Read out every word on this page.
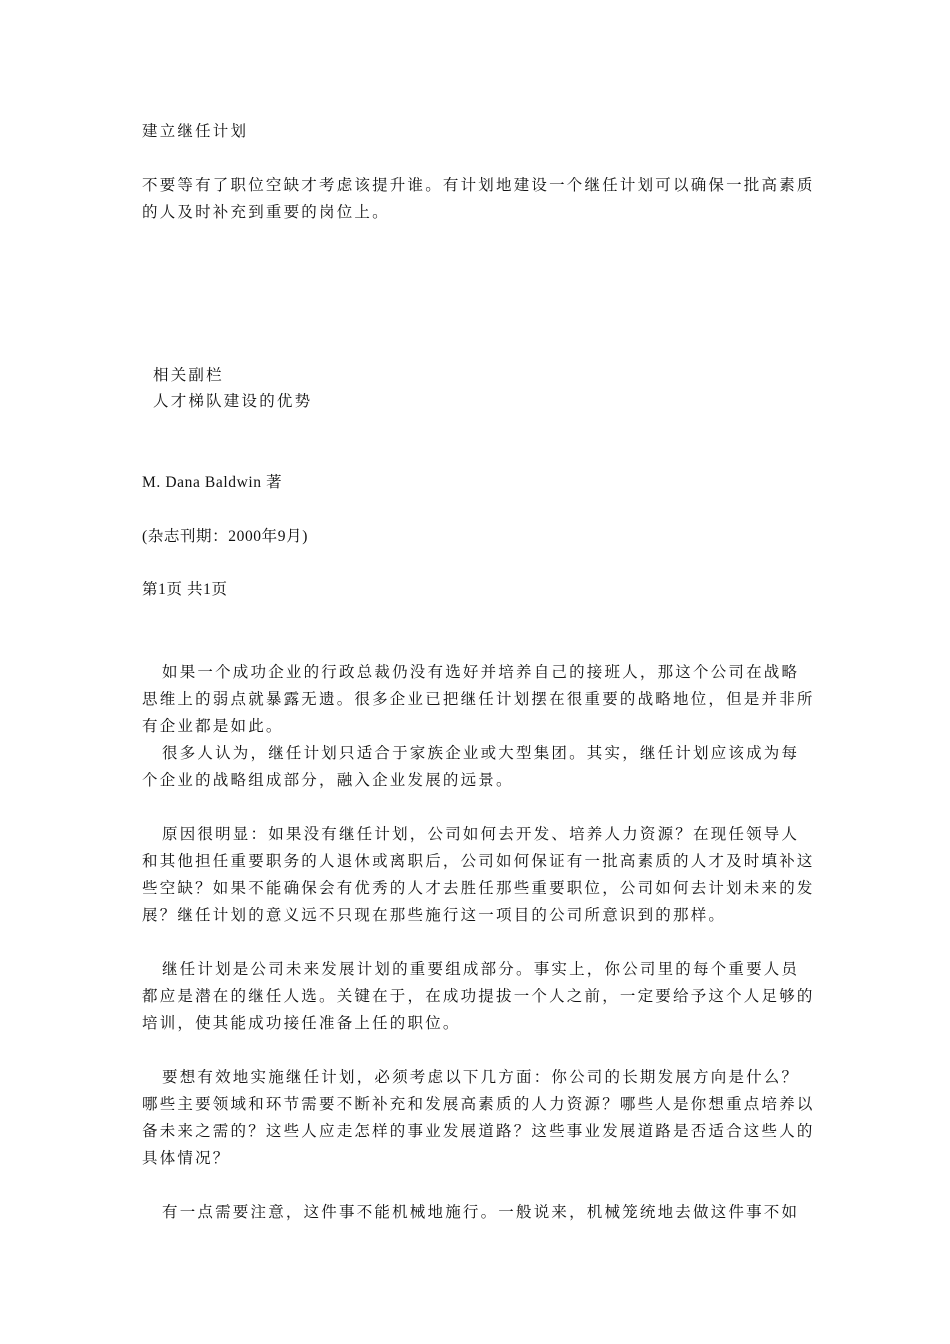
建立继任计划
不要等有了职位空缺才考虑该提升谁。有计划地建设一个继任计划可以确保一批高素质
的人及时补充到重要的岗位上。
相关副栏
人才梯队建设的优势
M. Dana Baldwin 著
(杂志刊期：2000年9月)
第1页 共1页
如果一个成功企业的行政总裁仍没有选好并培养自己的接班人，那这个公司在战略
思维上的弱点就暴露无遗。很多企业已把继任计划摆在很重要的战略地位，但是并非所
有企业都是如此。
很多人认为，继任计划只适合于家族企业或大型集团。其实，继任计划应该成为每
个企业的战略组成部分，融入企业发展的远景。
原因很明显：如果没有继任计划，公司如何去开发、培养人力资源？在现任领导人
和其他担任重要职务的人退休或离职后，公司如何保证有一批高素质的人才及时填补这
些空缺？如果不能确保会有优秀的人才去胜任那些重要职位，公司如何去计划未来的发
展？继任计划的意义远不只现在那些施行这一项目的公司所意识到的那样。
继任计划是公司未来发展计划的重要组成部分。事实上，你公司里的每个重要人员
都应是潜在的继任人选。关键在于，在成功提拔一个人之前，一定要给予这个人足够的
培训，使其能成功接任准备上任的职位。
要想有效地实施继任计划，必须考虑以下几方面：你公司的长期发展方向是什么？
哪些主要领域和环节需要不断补充和发展高素质的人力资源？哪些人是你想重点培养以
备未来之需的？这些人应走怎样的事业发展道路？这些事业发展道路是否适合这些人的
具体情况？
有一点需要注意，这件事不能机械地施行。一般说来，机械笼统地去做这件事不如
